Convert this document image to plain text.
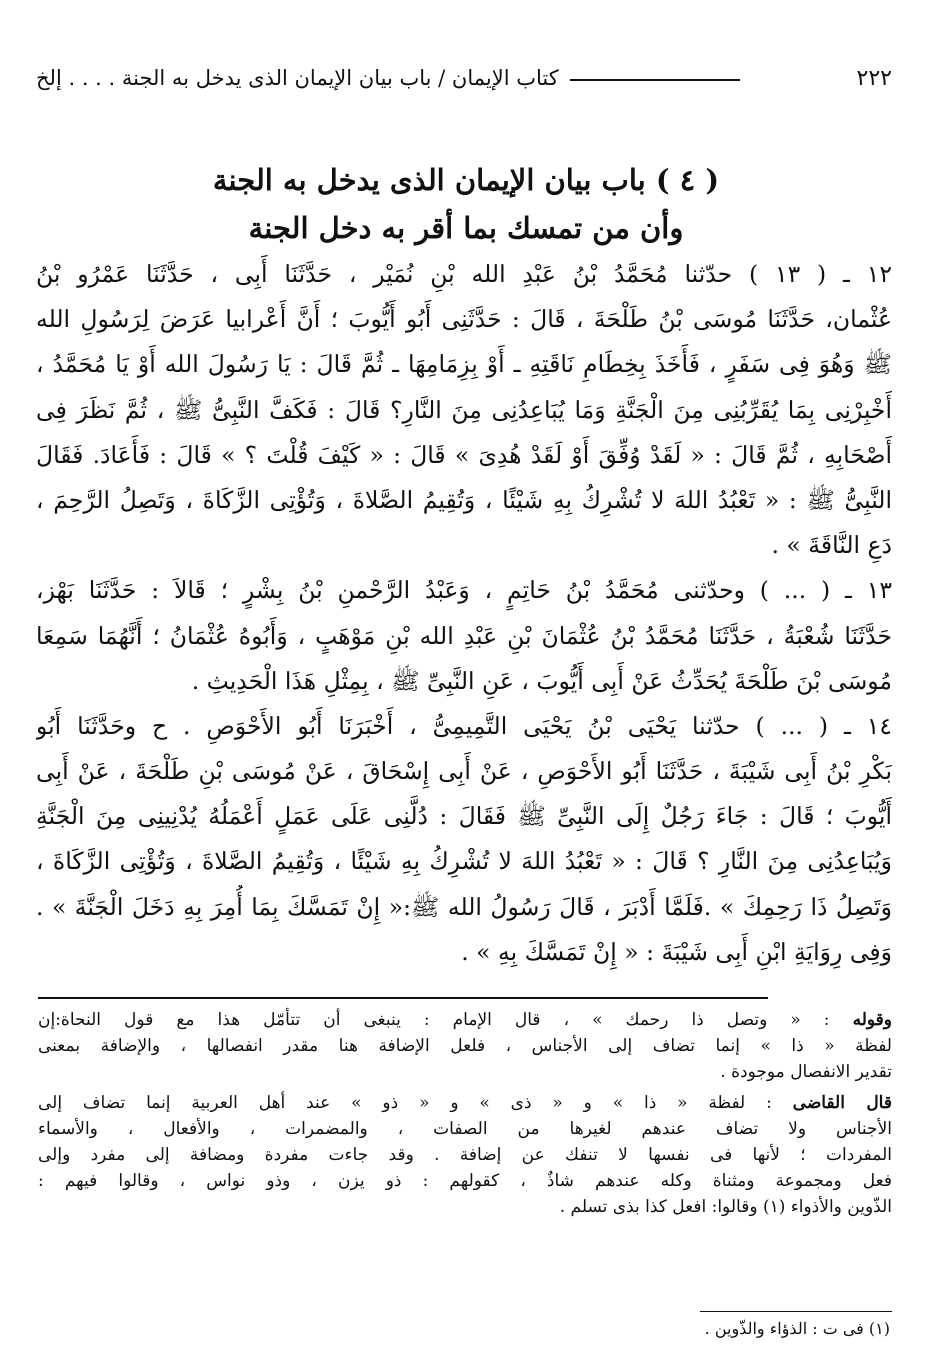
٢٢٢
كتاب الإيمان / باب بيان الإيمان الذى يدخل به الجنة . . . . إلخ
( ٤ ) باب بيان الإيمان الذى يدخل به الجنة
وأن من تمسك بما أقر به دخل الجنة
١٢ ـ ( ١٣ ) حدّثنا مُحَمَّدُ بْنُ عَبْدِ الله بْنِ نُمَيْر ، حَدَّثَنَا أَبِى ، حَدَّثَنَا عَمْرُو بْنُ
عُثْمان، حَدَّثَنَا مُوسَى بْنُ طَلْحَةَ ، قَالَ : حَدَّثَنِى أَبُو أَيُّوبَ ؛ أَنَّ أَعْرابيا عَرَضَ لِرَسُولِ الله
ﷺ وَهُوَ فِى سَفَرٍ ، فَأَخَذَ بِخِطَامِ نَاقَتِهِ ـ أَوْ بِزِمَامِهَا ـ ثُمَّ قَالَ : يَا رَسُولَ الله أَوْ يَا مُحَمَّدُ ،
أَخْبِرْنِى بِمَا يُقَرِّبُنِى مِنَ الْجَنَّةِ وَمَا يُبَاعِدُنِى مِنَ النَّارِ؟ قَالَ : فَكَفَّ النَّبِىُّ ﷺ ، ثُمَّ نَظَرَ فِى
أَصْحَابِهِ ، ثُمَّ قَالَ : « لَقَدْ وُفِّقَ أَوْ لَقَدْ هُدِىَ » قَالَ : « كَيْفَ قُلْتَ ؟ » قَالَ : فَأَعَادَ. فَقَالَ
النَّبِىُّ ﷺ : « تَعْبُدُ اللهَ لا تُشْرِكُ بِهِ شَيْئًا ، وَتُقِيمُ الصَّلاةَ ، وَتُؤْتِى الزَّكَاةَ ، وَتَصِلُ الرَّحِمَ ،
دَعِ النَّاقَةَ » .
١٣ ـ ( ... ) وحدّثنى مُحَمَّدُ بْنُ حَاتِمٍ ، وَعَبْدُ الرَّحْمنِ بْنُ بِشْرٍ ؛ قَالاَ : حَدَّثَنَا بَهْز،
حَدَّثَنَا شُعْبَةُ ، حَدَّثَنَا مُحَمَّدُ بْنُ عُثْمَانَ بْنِ عَبْدِ الله بْنِ مَوْهَبٍ ، وَأَبُوهُ عُثْمَانُ ؛ أَنَّهُمَا سَمِعَا
مُوسَى بْنَ طَلْحَةَ يُحَدِّثُ عَنْ أَبِى أَيُّوبَ ، عَنِ النَّبِىِّ ﷺ ، بِمِثْلِ هَذَا الْحَدِيثِ .
١٤ ـ ( ... ) حدّثنا يَحْيَى بْنُ يَحْيَى التَّمِيمِىُّ ، أَخْبَرَنَا أَبُو الأَحْوَصِ . ح وحَدَّثَنَا أَبُو
بَكْرِ بْنُ أَبِى شَيْبَةَ ، حَدَّثَنَا أَبُو الأَحْوَصِ ، عَنْ أَبِى إِسْحَاقَ ، عَنْ مُوسَى بْنِ طَلْحَةَ ، عَنْ أَبِى
أَيُّوبَ ؛ قَالَ : جَاءَ رَجُلٌ إِلَى النَّبِىِّ ﷺ فَقَالَ : دُلَّنِى عَلَى عَمَلٍ أَعْمَلُهُ يُدْنِينِى مِنَ الْجَنَّةِ
وَيُبَاعِدُنِى مِنَ النَّارِ ؟ قَالَ : « تَعْبُدُ اللهَ لا تُشْرِكُ بِهِ شَيْئًا ، وَتُقِيمُ الصَّلاةَ ، وَتُؤْتِى الزَّكَاةَ ،
وَتَصِلُ ذَا رَحِمِكَ » .فَلَمَّا أَدْبَرَ ، قَالَ رَسُولُ الله ﷺ:« إِنْ تَمَسَّكَ بِمَا أُمِرَ بِهِ دَخَلَ الْجَنَّةَ » .
وَفِى رِوَايَةِ ابْنِ أَبِى شَيْبَةَ : « إِنْ تَمَسَّكَ بِهِ » .
وقوله : « وتصل ذا رحمك » ، قال الإمام : ينبغى أن تتأمّل هذا مع قول النحاة:إن
لفظة « ذا » إنما تضاف إلى الأجناس ، فلعل الإضافة هنا مقدر انفصالها ، والإضافة بمعنى
تقدير الانفصال موجودة .
قال القاضى : لفظة « ذا » و « ذى » و « ذو » عند أهل العربية إنما تضاف إلى
الأجناس ولا تضاف عندهم لغيرها من الصفات ، والمضمرات ، والأفعال ، والأسماء
المفردات ؛ لأنها فى نفسها لا تنفك عن إضافة . وقد جاءت مفردة ومضافة إلى مفرد وإلى
فعل ومجموعة ومثناة وكله عندهم شاذٌ ، كقولهم : ذو يزن ، وذو نواس ، وقالوا فيهم :
الذّوين والأذواء (١) وقالوا: افعل كذا بذى تسلم .
(١) فى ت : الذؤاء والذّوين .
